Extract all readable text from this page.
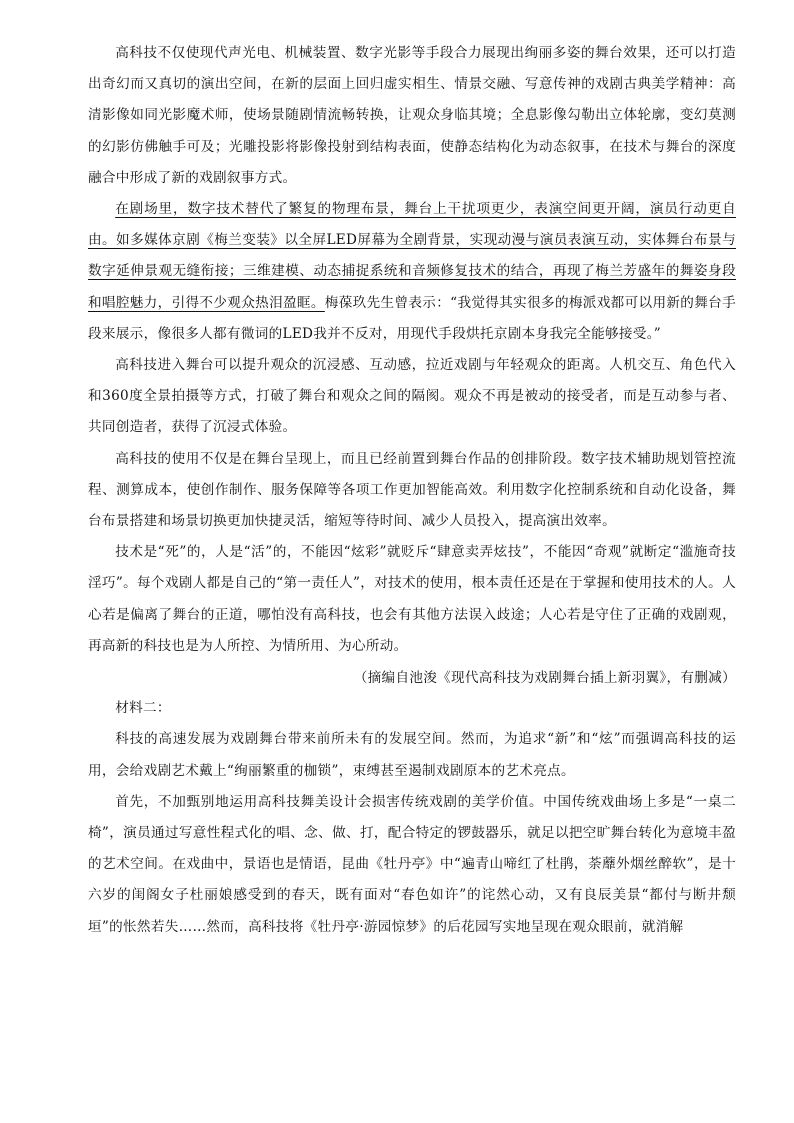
高科技不仅使现代声光电、机械装置、数字光影等手段合力展现出绚丽多姿的舞台效果，还可以打造出奇幻而又真切的演出空间，在新的层面上回归虚实相生、情景交融、写意传神的戏剧古典美学精神：高清影像如同光影魔术师，使场景随剧情流畅转换，让观众身临其境；全息影像勾勒出立体轮廓，变幻莫测的幻影仿佛触手可及；光雕投影将影像投射到结构表面，使静态结构化为动态叙事，在技术与舞台的深度融合中形成了新的戏剧叙事方式。

在剧场里，数字技术替代了繁复的物理布景，舞台上干扰项更少，表演空间更开阔，演员行动更自由。如多媒体京剧《梅兰变装》以全屏LED屏幕为全剧背景，实现动漫与演员表演互动，实体舞台布景与数字延伸景观无缝衔接；三维建模、动态捕捉系统和音频修复技术的结合，再现了梅兰芳盛年的舞姿身段和唱腔魅力，引得不少观众热泪盈眶。梅葆玖先生曾表示：“我觉得其实很多的梅派戏都可以用新的舞台手段来展示，像很多人都有微词的LED我并不反对，用现代手段烘托京剧本身我完全能够接受。”

高科技进入舞台可以提升观众的沉浸感、互动感，拉近戏剧与年轻观众的距离。人机交互、角色代入和360度全景拍摄等方式，打破了舞台和观众之间的隔阂。观众不再是被动的接受者，而是互动参与者、共同创造者，获得了沉浸式体验。

高科技的使用不仅是在舞台呈现上，而且已经前置到舞台作品的创排阶段。数字技术辅助规划管控流程、测算成本，使创作制作、服务保障等各项工作更加智能高效。利用数字化控制系统和自动化设备，舞台布景搭建和场景切换更加快捷灵活，缩短等待时间、减少人员投入，提高演出效率。

技术是“死”的，人是“活”的，不能因“炫彩”就贬斥“肆意卖弄炫技”，不能因“奇观”就断定“滥施奇技淫巧”。每个戏剧人都是自己的“第一责任人”，对技术的使用，根本责任还是在于掌握和使用技术的人。人心若是偏离了舞台的正道，哪怕没有高科技，也会有其他方法误入歧途；人心若是守住了正确的戏剧观，再高新的科技也是为人所控、为情所用、为心所动。

（摘编自池浚《现代高科技为戏剧舞台插上新羽翼》，有删减）

材料二：

科技的高速发展为戏剧舞台带来前所未有的发展空间。然而，为追求“新”和“炫”而强调高科技的运用，会给戏剧艺术戴上“绚丽繁重的枷锁”，束缚甚至遏制戏剧原本的艺术亮点。

首先，不加甄别地运用高科技舞美设计会损害传统戏剧的美学价值。中国传统戏曲场上多是“一桌二椅”，演员通过写意性程式化的唱、念、做、打，配合特定的锣鼓器乐，就足以把空旷舞台转化为意境丰盈的艺术空间。在戏曲中，景语也是情语，昆曲《牡丹亭》中“遍青山啼红了杜鹃，荼蘼外烟丝醉软”，是十六岁的闺阁女子杜丽娘感受到的春天，既有面对“春色如许”的诧然心动，又有良辰美景“都付与断井颓垣”的怅然若失……然而，高科技将《牡丹亭·游园惊梦》的后花园写实地呈现在观众眼前，就消解
